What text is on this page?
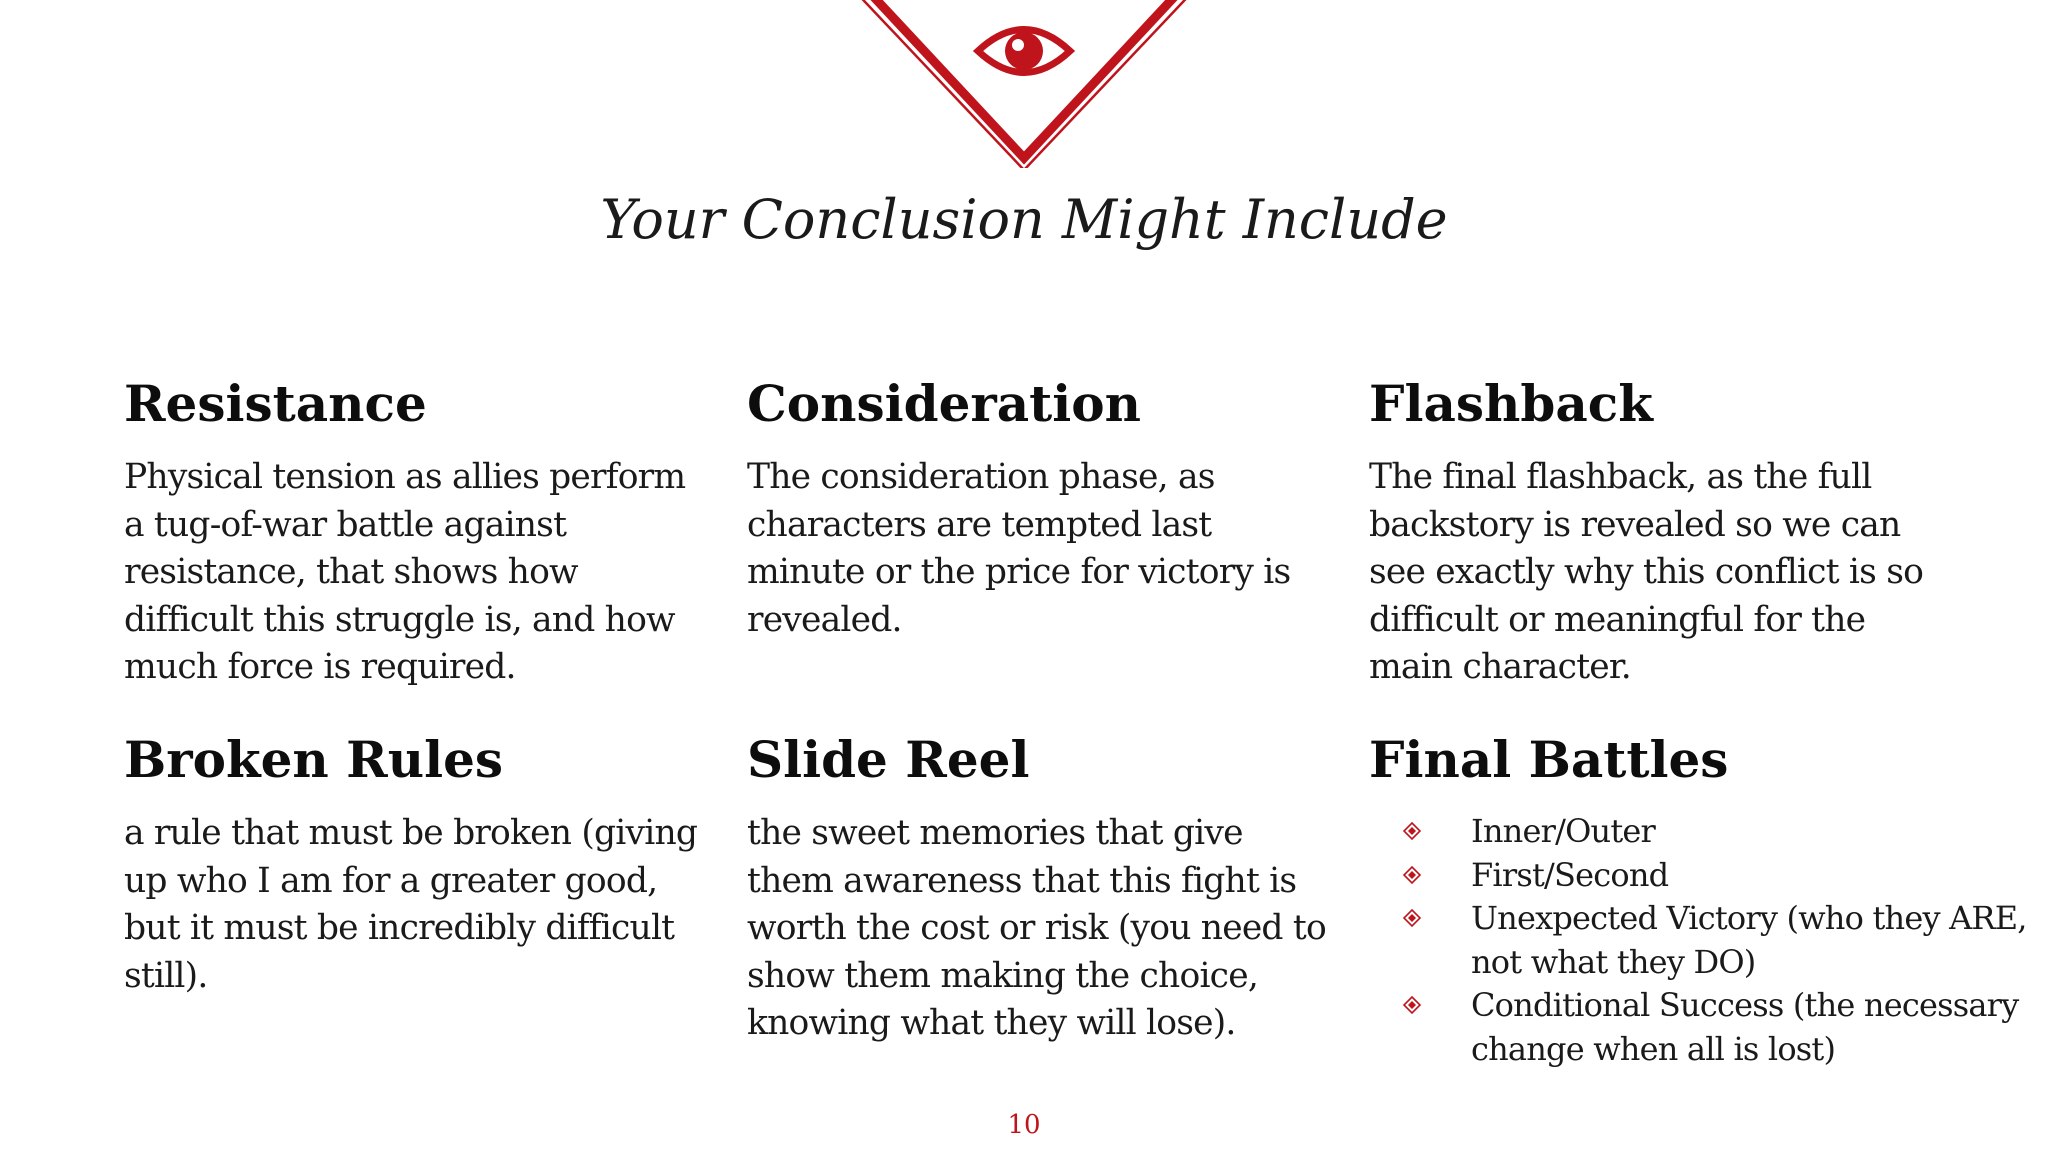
Your Conclusion Might Include
Resistance

Physical tension as allies perform a tug-of-war battle against resistance, that shows how difficult this struggle is, and how much force is required.

Consideration

The consideration phase, as characters are tempted last minute or the price for victory is revealed.

Flashback

The final flashback, as the full backstory is revealed so we can see exactly why this conflict is so difficult or meaningful for the main character.

Broken Rules

a rule that must be broken (giving up who I am for a greater good, but it must be incredibly difficult still).

Slide Reel

the sweet memories that give them awareness that this fight is worth the cost or risk (you need to show them making the choice, knowing what they will lose).

Final Battles
Inner/Outer
First/Second
Unexpected Victory (who they ARE, not what they DO)
Conditional Success (the necessary change when all is lost)
10
